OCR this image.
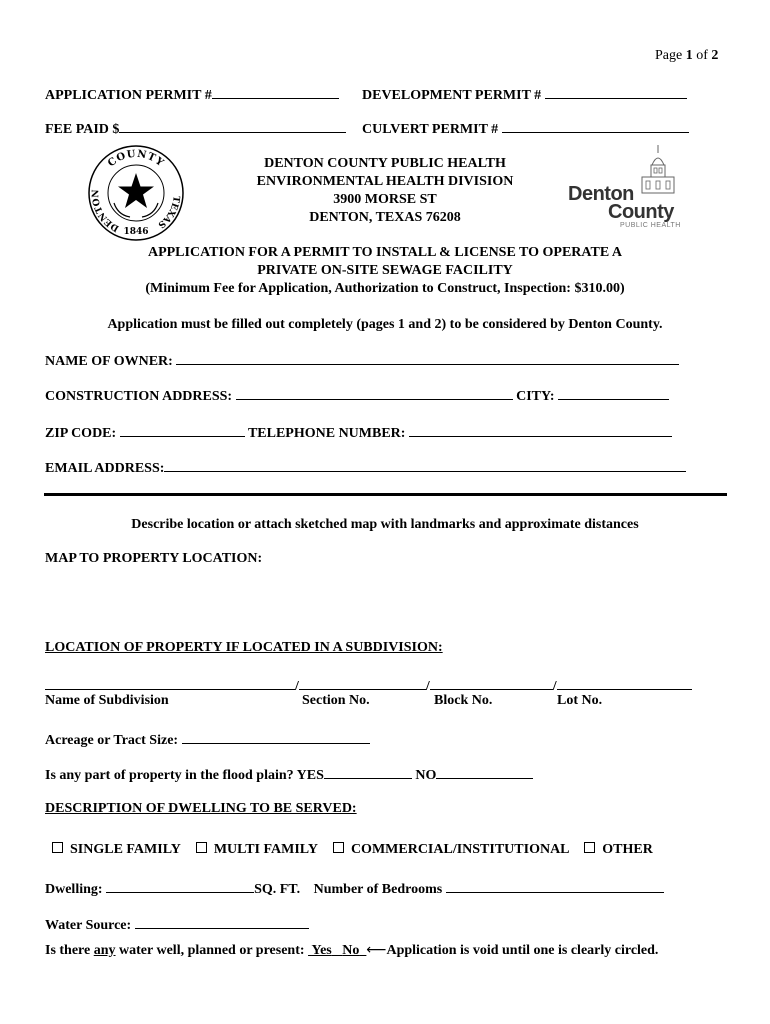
Page 1 of 2
APPLICATION PERMIT #	DEVELOPMENT PERMIT #
FEE PAID $	CULVERT PERMIT #
COUNTY
DENTON
TEXAS
1846
DENTON COUNTY PUBLIC HEALTH
ENVIRONMENTAL HEALTH DIVISION
3900 MORSE ST
DENTON, TEXAS 76208
Denton
County
PUBLIC HEALTH
APPLICATION FOR A PERMIT TO INSTALL & LICENSE TO OPERATE A
PRIVATE ON-SITE SEWAGE FACILITY
(Minimum Fee for Application, Authorization to Construct, Inspection: $310.00)
Application must be filled out completely (pages 1 and 2) to be considered by Denton County.
NAME OF OWNER:
CONSTRUCTION ADDRESS:	CITY:
ZIP CODE:	TELEPHONE NUMBER:
EMAIL ADDRESS:
Describe location or attach sketched map with landmarks and approximate distances
MAP TO PROPERTY LOCATION:
LOCATION OF PROPERTY IF LOCATED IN A SUBDIVISION:
/	/	/
Name of Subdivision	Section No.	Block No.	Lot No.
Acreage or Tract Size:
Is any part of property in the flood plain? YES	NO
DESCRIPTION OF DWELLING TO BE SERVED:
SINGLE FAMILY MULTI FAMILY COMMERCIAL/INSTITUTIONAL OTHER
Dwelling:	SQ. FT. Number of Bedrooms
Water Source:
Is there any water well, planned or present: Yes No ⟵Application is void until one is clearly circled.
